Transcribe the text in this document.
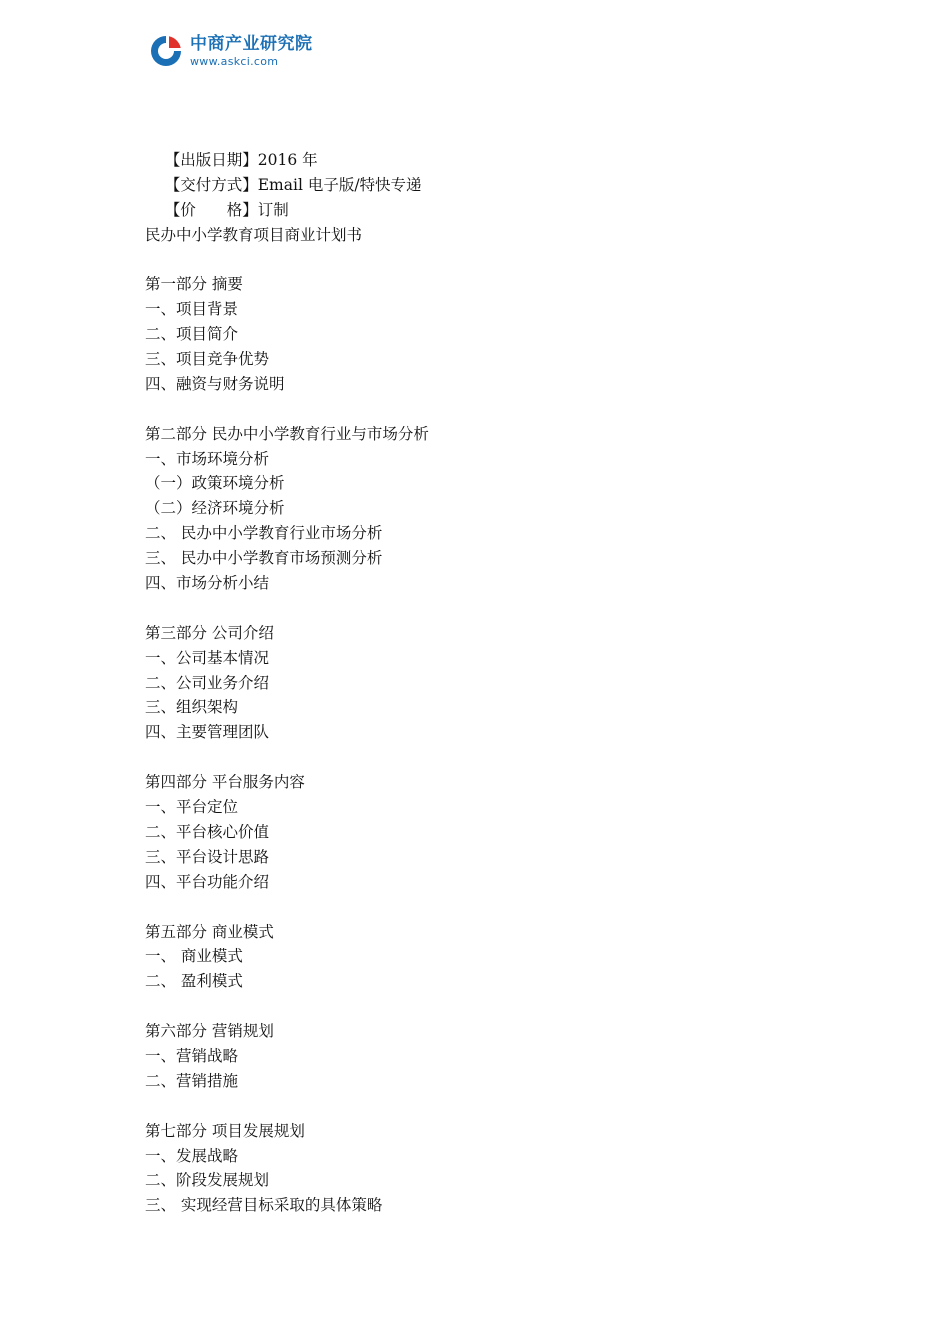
中商产业研究院
www.askci.com

【出版日期】2016 年

【交付方式】Email 电子版/特快专递

【价　　格】订制

民办中小学教育项目商业计划书
第一部分 摘要
一、项目背景
二、项目简介
三、项目竞争优势
四、融资与财务说明
第二部分 民办中小学教育行业与市场分析
一、市场环境分析
（一）政策环境分析
（二）经济环境分析
二、 民办中小学教育行业市场分析
三、 民办中小学教育市场预测分析
四、市场分析小结
第三部分 公司介绍
一、公司基本情况
二、公司业务介绍
三、组织架构
四、主要管理团队
第四部分 平台服务内容
一、平台定位
二、平台核心价值
三、平台设计思路
四、平台功能介绍
第五部分 商业模式
一、 商业模式
二、 盈利模式
第六部分 营销规划
一、营销战略
二、营销措施
第七部分 项目发展规划
一、发展战略
二、阶段发展规划
三、 实现经营目标采取的具体策略
